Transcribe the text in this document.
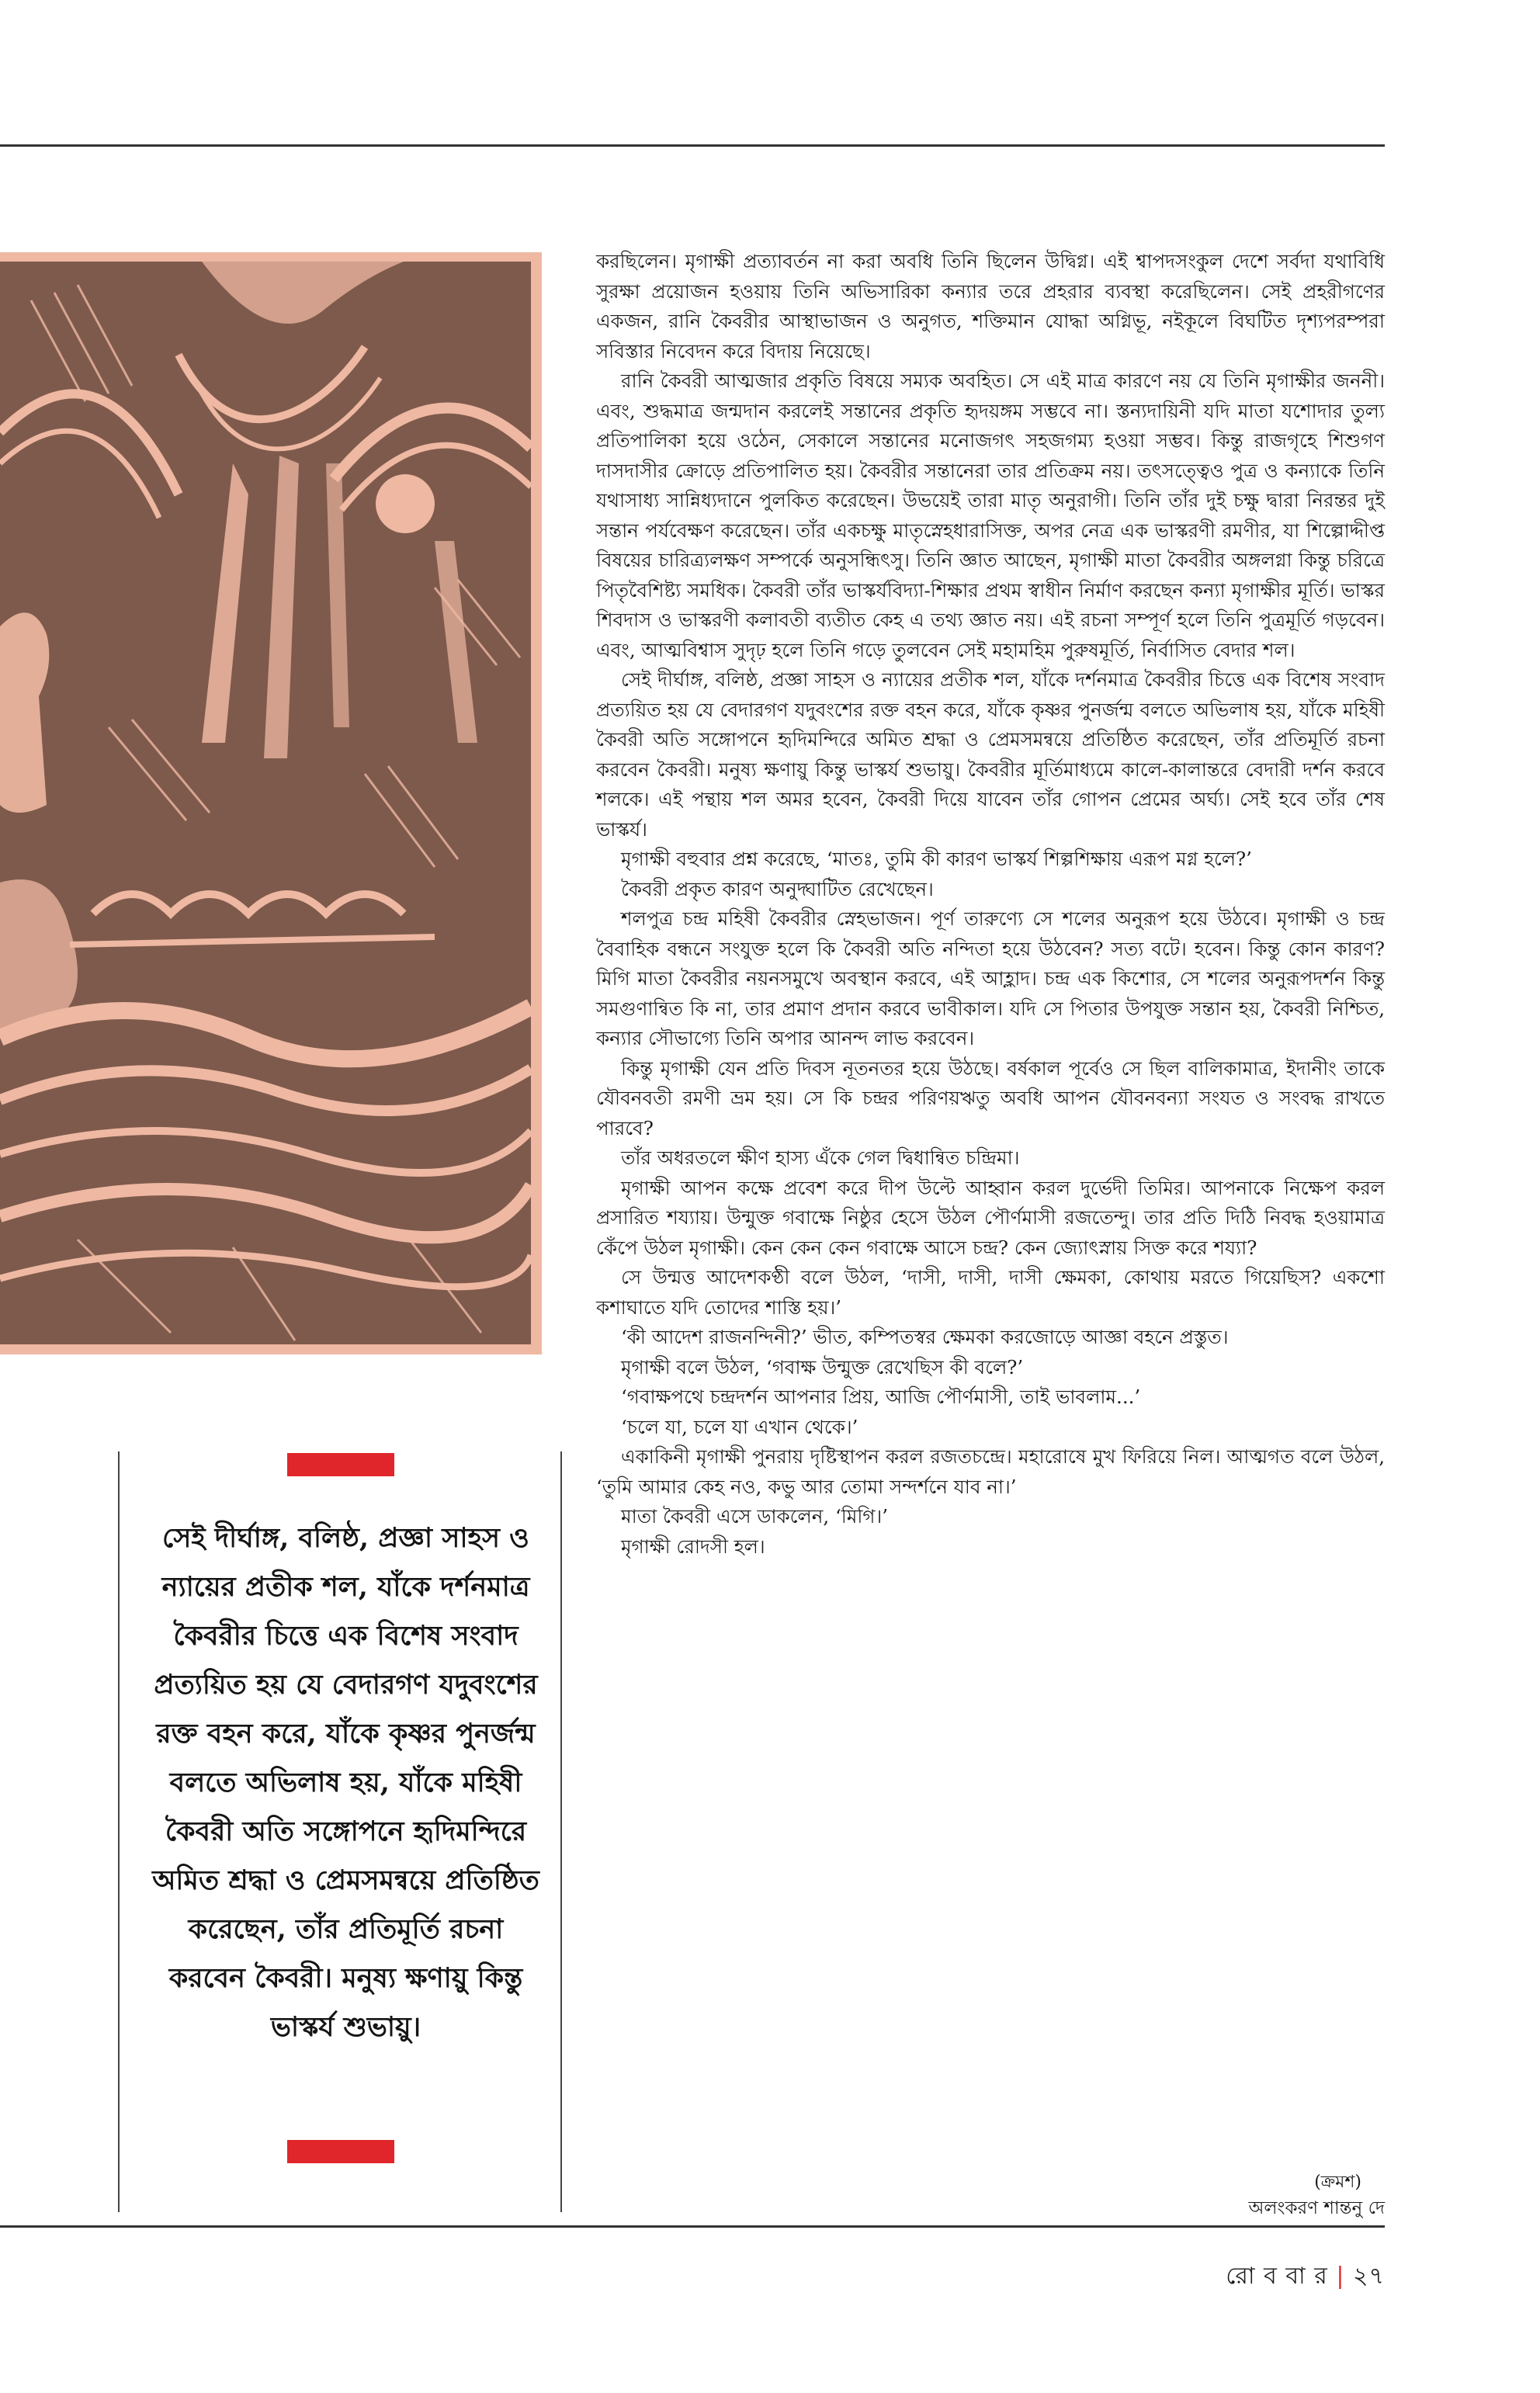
সেই দীর্ঘাঙ্গ, বলিষ্ঠ, প্রজ্ঞা সাহস ও ন্যায়ের প্রতীক শল, যাঁকে দর্শনমাত্র কৈবরীর চিত্তে এক বিশেষ সংবাদ প্রত্যয়িত হয় যে বেদারগণ যদুবংশের রক্ত বহন করে, যাঁকে কৃষ্ণর পুনর্জন্ম বলতে অভিলাষ হয়, যাঁকে মহিষী কৈবরী অতি সঙ্গোপনে হৃদিমন্দিরে অমিত শ্রদ্ধা ও প্রেমসমন্বয়ে প্রতিষ্ঠিত করেছেন, তাঁর প্রতিমূর্তি রচনা করবেন কৈবরী। মনুষ্য ক্ষণায়ু কিন্তু ভাস্কর্য শুভায়ু।

করছিলেন। মৃগাক্ষী প্রত্যাবর্তন না করা অবধি তিনি ছিলেন উদ্বিগ্ন। এই শ্বাপদসংকুল দেশে সর্বদা যথাবিধি সুরক্ষা প্রয়োজন হওয়ায় তিনি অভিসারিকা কন্যার তরে প্রহরার ব্যবস্থা করেছিলেন। সেই প্রহরীগণের একজন, রানি কৈবরীর আস্থাভাজন ও অনুগত, শক্তিমান যোদ্ধা অগ্নিভূ, নইকূলে বিঘটিত দৃশ্যপরম্পরা সবিস্তার নিবেদন করে বিদায় নিয়েছে।

রানি কৈবরী আত্মজার প্রকৃতি বিষয়ে সম্যক অবহিত। সে এই মাত্র কারণে নয় যে তিনি মৃগাক্ষীর জননী। এবং, শুদ্ধমাত্র জন্মদান করলেই সন্তানের প্রকৃতি হৃদয়ঙ্গম সম্ভবে না। স্তন্যদায়িনী যদি মাতা যশোদার তুল্য প্রতিপালিকা হয়ে ওঠেন, সেকালে সন্তানের মনোজগৎ সহজগম্য হওয়া সম্ভব। কিন্তু রাজগৃহে শিশুগণ দাসদাসীর ক্রোড়ে প্রতিপালিত হয়। কৈবরীর সন্তানেরা তার প্রতিক্রম নয়। তৎসত্ত্বেও পুত্র ও কন্যাকে তিনি যথাসাধ্য সান্নিধ্যদানে পুলকিত করেছেন। উভয়েই তারা মাতৃ অনুরাগী। তিনি তাঁর দুই চক্ষু দ্বারা নিরন্তর দুই সন্তান পর্যবেক্ষণ করেছেন। তাঁর একচক্ষু মাতৃস্নেহধারাসিক্ত, অপর নেত্র এক ভাস্করণী রমণীর, যা শিল্পোদ্দীপ্ত বিষয়ের চারিত্র্যলক্ষণ সম্পর্কে অনুসন্ধিৎসু। তিনি জ্ঞাত আছেন, মৃগাক্ষী মাতা কৈবরীর অঙ্গলগ্না কিন্তু চরিত্রে পিতৃবৈশিষ্ট্য সমধিক। কৈবরী তাঁর ভাস্কর্যবিদ্যা-শিক্ষার প্রথম স্বাধীন নির্মাণ করছেন কন্যা মৃগাক্ষীর মূর্তি। ভাস্কর শিবদাস ও ভাস্করণী কলাবতী ব্যতীত কেহ এ তথ্য জ্ঞাত নয়। এই রচনা সম্পূর্ণ হলে তিনি পুত্রমূর্তি গড়বেন। এবং, আত্মবিশ্বাস সুদৃঢ় হলে তিনি গড়ে তুলবেন সেই মহামহিম পুরুষমূর্তি, নির্বাসিত বেদার শল।

সেই দীর্ঘাঙ্গ, বলিষ্ঠ, প্রজ্ঞা সাহস ও ন্যায়ের প্রতীক শল, যাঁকে দর্শনমাত্র কৈবরীর চিত্তে এক বিশেষ সংবাদ প্রত্যয়িত হয় যে বেদারগণ যদুবংশের রক্ত বহন করে, যাঁকে কৃষ্ণর পুনর্জন্ম বলতে অভিলাষ হয়, যাঁকে মহিষী কৈবরী অতি সঙ্গোপনে হৃদিমন্দিরে অমিত শ্রদ্ধা ও প্রেমসমন্বয়ে প্রতিষ্ঠিত করেছেন, তাঁর প্রতিমূর্তি রচনা করবেন কৈবরী। মনুষ্য ক্ষণায়ু কিন্তু ভাস্কর্য শুভায়ু। কৈবরীর মূর্তিমাধ্যমে কালে-কালান্তরে বেদারী দর্শন করবে শলকে। এই পন্থায় শল অমর হবেন, কৈবরী দিয়ে যাবেন তাঁর গোপন প্রেমের অর্ঘ্য। সেই হবে তাঁর শেষ ভাস্কর্য।

মৃগাক্ষী বহুবার প্রশ্ন করেছে, ‘মাতঃ, তুমি কী কারণ ভাস্কর্য শিল্পশিক্ষায় এরূপ মগ্ন হলে?’

কৈবরী প্রকৃত কারণ অনুদ্ঘাটিত রেখেছেন।

শলপুত্র চন্দ্র মহিষী কৈবরীর স্নেহভাজন। পূর্ণ তারুণ্যে সে শলের অনুরূপ হয়ে উঠবে। মৃগাক্ষী ও চন্দ্র বৈবাহিক বন্ধনে সংযুক্ত হলে কি কৈবরী অতি নন্দিতা হয়ে উঠবেন? সত্য বটে। হবেন। কিন্তু কোন কারণ? মিগি মাতা কৈবরীর নয়নসমুখে অবস্থান করবে, এই আহ্লাদ। চন্দ্র এক কিশোর, সে শলের অনুরূপদর্শন কিন্তু সমগুণান্বিত কি না, তার প্রমাণ প্রদান করবে ভাবীকাল। যদি সে পিতার উপযুক্ত সন্তান হয়, কৈবরী নিশ্চিত, কন্যার সৌভাগ্যে তিনি অপার আনন্দ লাভ করবেন।

কিন্তু মৃগাক্ষী যেন প্রতি দিবস নূতনতর হয়ে উঠছে। বর্ষকাল পূর্বেও সে ছিল বালিকামাত্র, ইদানীং তাকে যৌবনবতী রমণী ভ্রম হয়। সে কি চন্দ্রর পরিণয়ঋতু অবধি আপন যৌবনবন্যা সংযত ও সংবদ্ধ রাখতে পারবে?

তাঁর অধরতলে ক্ষীণ হাস্য এঁকে গেল দ্বিধান্বিত চন্দ্রিমা।

মৃগাক্ষী আপন কক্ষে প্রবেশ করে দীপ উল্টে আহ্বান করল দুর্ভেদী তিমির। আপনাকে নিক্ষেপ করল প্রসারিত শয্যায়। উন্মুক্ত গবাক্ষে নিষ্ঠুর হেসে উঠল পৌর্ণমাসী রজতেন্দু। তার প্রতি দিঠি নিবদ্ধ হওয়ামাত্র কেঁপে উঠল মৃগাক্ষী। কেন কেন কেন গবাক্ষে আসে চন্দ্র? কেন জ্যোৎস্নায় সিক্ত করে শয্যা?

সে উন্মত্ত আদেশকণ্ঠী বলে উঠল, ‘দাসী, দাসী, দাসী ক্ষেমকা, কোথায় মরতে গিয়েছিস? একশো কশাঘাতে যদি তোদের শাস্তি হয়।’

‘কী আদেশ রাজনন্দিনী?’ ভীত, কম্পিতস্বর ক্ষেমকা করজোড়ে আজ্ঞা বহনে প্রস্তুত।

মৃগাক্ষী বলে উঠল, ‘গবাক্ষ উন্মুক্ত রেখেছিস কী বলে?’

‘গবাক্ষপথে চন্দ্রদর্শন আপনার প্রিয়, আজি পৌর্ণমাসী, তাই ভাবলাম...’

‘চলে যা, চলে যা এখান থেকে।’

একাকিনী মৃগাক্ষী পুনরায় দৃষ্টিস্থাপন করল রজতচন্দ্রে। মহারোষে মুখ ফিরিয়ে নিল। আত্মগত বলে উঠল, ‘তুমি আমার কেহ নও, কভু আর তোমা সন্দর্শনে যাব না।’

মাতা কৈবরী এসে ডাকলেন, ‘মিগি।’

মৃগাক্ষী রোদসী হল।

(ক্রমশ)
অলংকরণ শান্তনু দে
রো ব বা র | ২৭
